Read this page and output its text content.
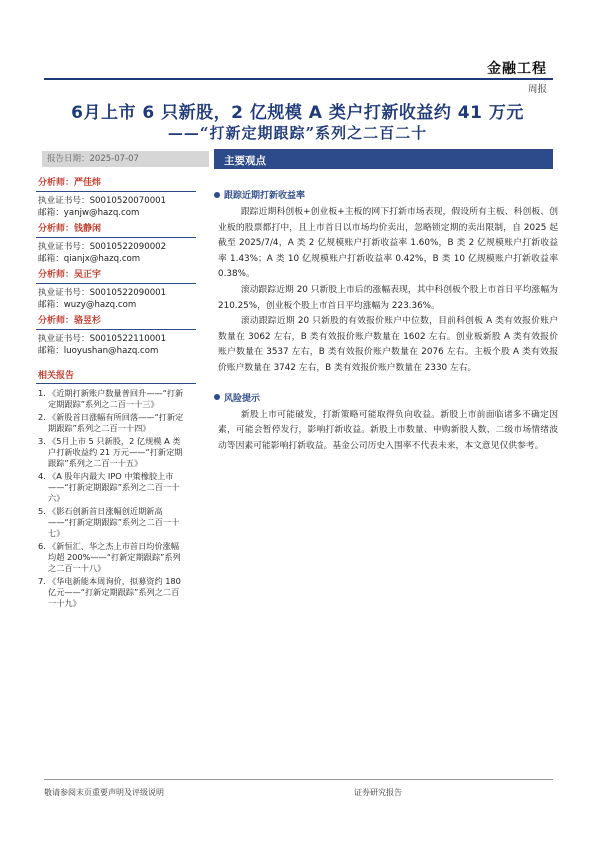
金融工程
周报
6月上市 6 只新股，2 亿规模 A 类户打新收益约 41 万元
——“打新定期跟踪”系列之二百二十
报告日期：2025-07-07	主要观点
分析师：严佳炜
执业证书号：S0010520070001
邮箱：yanjw@hazq.com
分析师：钱静闲
执业证书号：S0010522090002
邮箱：qianjx@hazq.com
分析师：吴正宇
执业证书号：S0010522090001
邮箱：wuzy@hazq.com
分析师：骆昱杉
执业证书号：S0010522110001
邮箱：luoyushan@hazq.com
相关报告
1. 《近期打新账户数量普回升——“打新定期跟踪”系列之二百一十三》
2. 《新股首日涨幅有所回落——“打新定期跟踪”系列之二百一十四》
3. 《5月上市 5 只新股，2 亿规模 A 类户打新收益约 21 万元——“打新定期跟踪”系列之二百一十五》
4. 《A 股年内最大 IPO 中策橡胶上市——“打新定期跟踪”系列之二百一十六》
5. 《影石创新首日涨幅创近期新高——“打新定期跟踪”系列之二百一十七》
6. 《新恒汇、华之杰上市首日均价涨幅均超 200%——“打新定期跟踪”系列之二百一十八》
7. 《华电新能本周询价，拟募资约 180 亿元——“打新定期跟踪”系列之二百一十九》
跟踪近期打新收益率

跟踪近期科创板+创业板+主板的网下打新市场表现，假设所有主板、科创板、创业板的股票都打中，且上市首日以市场均价卖出，忽略锁定期的卖出限制，自 2025 起截至 2025/7/4，A 类 2 亿规模账户打新收益率 1.60%，B 类 2 亿规模账户打新收益率 1.43%；A 类 10 亿规模账户打新收益率 0.42%，B 类 10 亿规模账户打新收益率 0.38%。

滚动跟踪近期 20 只新股上市后的涨幅表现，其中科创板个股上市首日平均涨幅为 210.25%，创业板个股上市首日平均涨幅为 223.36%。

滚动跟踪近期 20 只新股的有效报价账户中位数，目前科创板 A 类有效报价账户数量在 3062 左右，B 类有效报价账户数量在 1602 左右。创业板新股 A 类有效报价账户数量在 3537 左右，B 类有效报价账户数量在 2076 左右。主板个股 A 类有效报价账户数量在 3742 左右，B 类有效报价账户数量在 2330 左右。

风险提示

新股上市可能破发，打新策略可能取得负向收益。新股上市前面临诸多不确定因素，可能会暂停发行，影响打新收益。新股上市数量、申购新股人数、二级市场情绪波动等因素可能影响打新收益。基金公司历史入围率不代表未来，本文意见仅供参考。

敬请参阅末页重要声明及评级说明	证券研究报告
